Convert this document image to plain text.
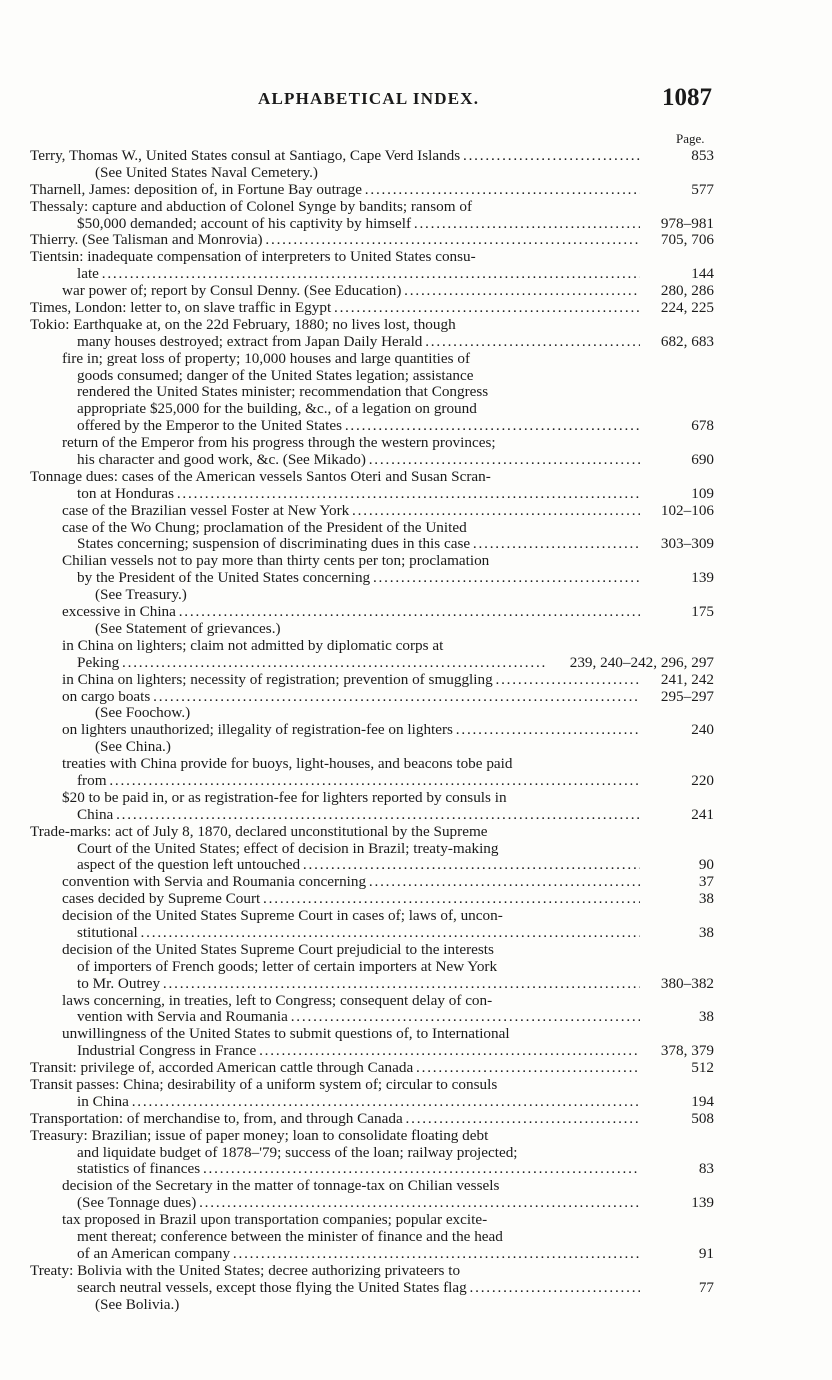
ALPHABETICAL INDEX.	1087
Page.
Terry, Thomas W., United States consul at Santiago, Cape Verd Islands . . .	853
(See United States Naval Cemetery.)
Tharnell, James: deposition of, in Fortune Bay outrage . . .	577
Thessaly: capture and abduction of Colonel Synge by bandits; ransom of
$50,000 demanded; account of his captivity by himself . . .	978–981
Thierry. (See Talisman and Monrovia) . . .	705, 706
Tientsin: inadequate compensation of interpreters to United States consu-
late . . .	144
war power of; report by Consul Denny. (See Education) . . .	280, 286
Times, London: letter to, on slave traffic in Egypt . . .	224, 225
Tokio: Earthquake at, on the 22d February, 1880; no lives lost, though
many houses destroyed; extract from Japan Daily Herald . . .	682, 683
fire in; great loss of property; 10,000 houses and large quantities of
goods consumed; danger of the United States legation; assistance
rendered the United States minister; recommendation that Congress
appropriate $25,000 for the building, &c., of a legation on ground
offered by the Emperor to the United States . . .	678
return of the Emperor from his progress through the western provinces;
his character and good work, &c. (See Mikado) . . .	690
Tonnage dues: cases of the American vessels Santos Oteri and Susan Scran-
ton at Honduras . . .	109
case of the Brazilian vessel Foster at New York . . .	102–106
case of the Wo Chung; proclamation of the President of the United
States concerning; suspension of discriminating dues in this case . . .	303–309
Chilian vessels not to pay more than thirty cents per ton; proclamation
by the President of the United States concerning . . .	139
(See Treasury.)
excessive in China . . .	175
(See Statement of grievances.)
in China on lighters; claim not admitted by diplomatic corps at
Peking . . .	239, 240–242, 296, 297
in China on lighters; necessity of registration; prevention of smuggling . . .	241, 242
on cargo boats . . .	295–297
(See Foochow.)
on lighters unauthorized; illegality of registration-fee on lighters . . .	240
(See China.)
treaties with China provide for buoys, light-houses, and beacons tobe paid
from . . .	220
$20 to be paid in, or as registration-fee for lighters reported by consuls in
China . . .	241
Trade-marks: act of July 8, 1870, declared unconstitutional by the Supreme
Court of the United States; effect of decision in Brazil; treaty-making
aspect of the question left untouched . . .	90
convention with Servia and Roumania concerning . . .	37
cases decided by Supreme Court . . .	38
decision of the United States Supreme Court in cases of; laws of, uncon-
stitutional . . .	38
decision of the United States Supreme Court prejudicial to the interests
of importers of French goods; letter of certain importers at New York
to Mr. Outrey . . .	380–382
laws concerning, in treaties, left to Congress; consequent delay of con-
vention with Servia and Roumania . . .	38
unwillingness of the United States to submit questions of, to International
Industrial Congress in France . . .	378, 379
Transit: privilege of, accorded American cattle through Canada . . .	512
Transit passes: China; desirability of a uniform system of; circular to consuls
in China . . .	194
Transportation: of merchandise to, from, and through Canada . . .	508
Treasury: Brazilian; issue of paper money; loan to consolidate floating debt
and liquidate budget of 1878–'79; success of the loan; railway projected;
statistics of finances . . .	83
decision of the Secretary in the matter of tonnage-tax on Chilian vessels
(See Tonnage dues) . . .	139
tax proposed in Brazil upon transportation companies; popular excite-
ment thereat; conference between the minister of finance and the head
of an American company . . .	91
Treaty: Bolivia with the United States; decree authorizing privateers to
search neutral vessels, except those flying the United States flag . . .	77
(See Bolivia.)
